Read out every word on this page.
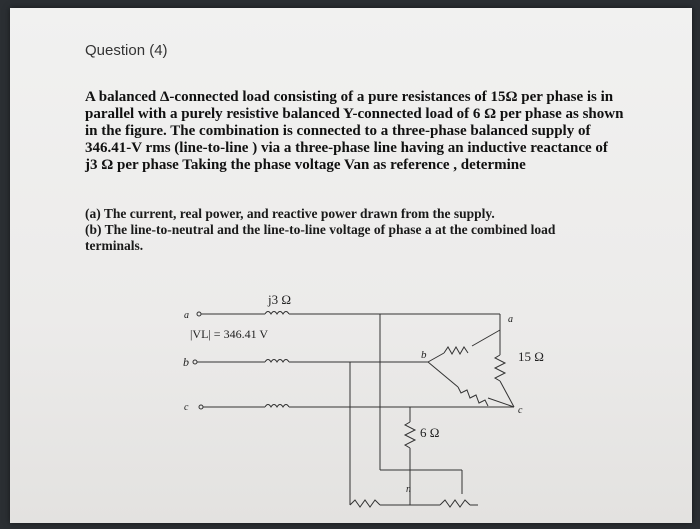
Question (4)

A balanced Δ-connected load consisting of a pure resistances of 15Ω per phase is in

parallel with a purely resistive balanced Y-connected load of 6 Ω per phase as shown

in the figure. The combination is connected to a three-phase balanced supply of

346.41-V rms (line-to-line ) via a three-phase line having an inductive reactance of

j3 Ω per phase Taking the phase voltage Van as reference , determine

(a) The current, real power, and reactive power drawn from the supply.

(b) The line-to-neutral and the line-to-line voltage of phase a at the combined load

terminals.

j3 Ω
|VL| = 346.41 V
a
b
c
a
b
c
n
15 Ω
6 Ω
